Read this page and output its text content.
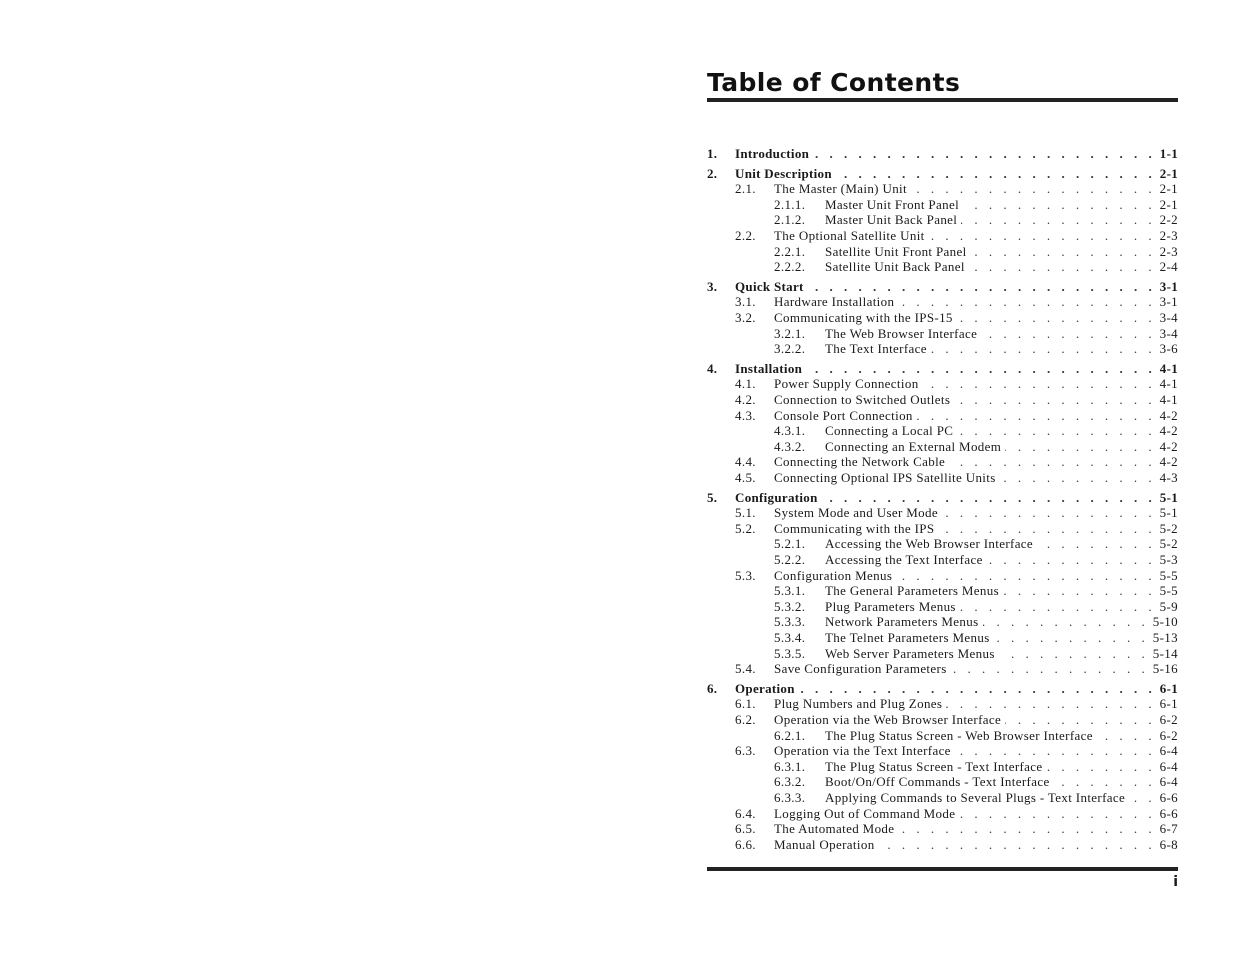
Table of Contents
1.	Introduction . . .	1-1
2.	Unit Description . . .	2-1
2.1.	The Master (Main) Unit . . .	2-1
2.1.1.	Master Unit Front Panel . . .	2-1
2.1.2.	Master Unit Back Panel . . .	2-2
2.2.	The Optional Satellite Unit . . .	2-3
2.2.1.	Satellite Unit Front Panel . . .	2-3
2.2.2.	Satellite Unit Back Panel . . .	2-4
3.	Quick Start . . .	3-1
3.1.	Hardware Installation . . .	3-1
3.2.	Communicating with the IPS-15 . . .	3-4
3.2.1.	The Web Browser Interface . . .	3-4
3.2.2.	The Text Interface . . .	3-6
4.	Installation . . .	4-1
4.1.	Power Supply Connection . . .	4-1
4.2.	Connection to Switched Outlets . . .	4-1
4.3.	Console Port Connection . . .	4-2
4.3.1.	Connecting a Local PC . . .	4-2
4.3.2.	Connecting an External Modem . . .	4-2
4.4.	Connecting the Network Cable . . .	4-2
4.5.	Connecting Optional IPS Satellite Units . . .	4-3
5.	Configuration . . .	5-1
5.1.	System Mode and User Mode . . .	5-1
5.2.	Communicating with the IPS . . .	5-2
5.2.1.	Accessing the Web Browser Interface . . .	5-2
5.2.2.	Accessing the Text Interface . . .	5-3
5.3.	Configuration Menus . . .	5-5
5.3.1.	The General Parameters Menus . . .	5-5
5.3.2.	Plug Parameters Menus . . .	5-9
5.3.3.	Network Parameters Menus . . .	5-10
5.3.4.	The Telnet Parameters Menus . . .	5-13
5.3.5.	Web Server Parameters Menus . . .	5-14
5.4.	Save Configuration Parameters . . .	5-16
6.	Operation . . .	6-1
6.1.	Plug Numbers and Plug Zones . . .	6-1
6.2.	Operation via the Web Browser Interface . . .	6-2
6.2.1.	The Plug Status Screen - Web Browser Interface . . .	6-2
6.3.	Operation via the Text Interface . . .	6-4
6.3.1.	The Plug Status Screen - Text Interface . . .	6-4
6.3.2.	Boot/On/Off Commands - Text Interface . . .	6-4
6.3.3.	Applying Commands to Several Plugs - Text Interface . . .	6-6
6.4.	Logging Out of Command Mode . . .	6-6
6.5.	The Automated Mode . . .	6-7
6.6.	Manual Operation . . .	6-8
i
